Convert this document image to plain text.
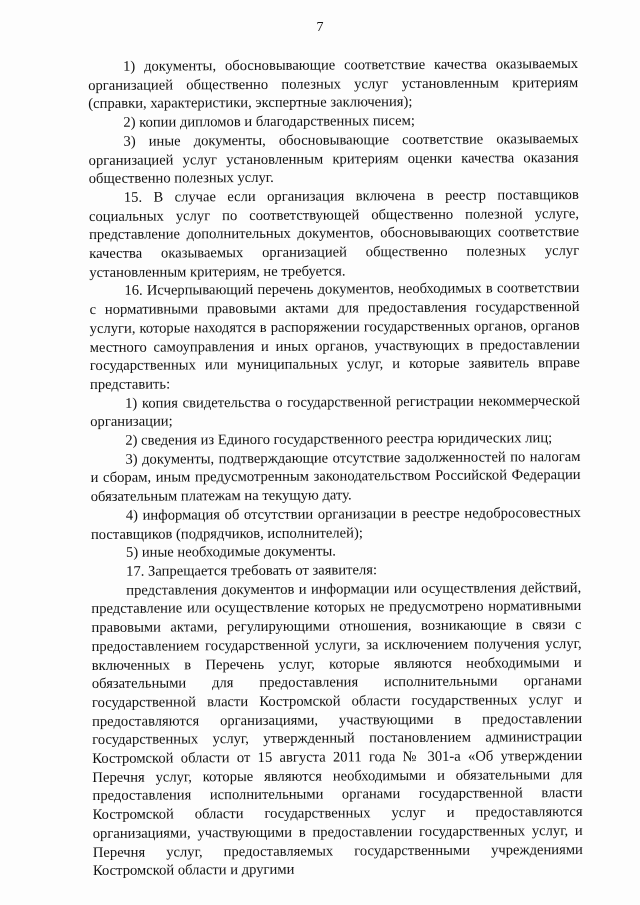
7

1) документы, обосновывающие соответствие качества оказываемых организацией общественно полезных услуг установленным критериям (справки, характеристики, экспертные заключения);

2) копии дипломов и благодарственных писем;

3) иные документы, обосновывающие соответствие оказываемых организацией услуг установленным критериям оценки качества оказания общественно полезных услуг.

15. В случае если организация включена в реестр поставщиков социальных услуг по соответствующей общественно полезной услуге, представление дополнительных документов, обосновывающих соответствие качества оказываемых организацией общественно полезных услуг установленным критериям, не требуется.

16. Исчерпывающий перечень документов, необходимых в соответствии с нормативными правовыми актами для предоставления государственной услуги, которые находятся в распоряжении государственных органов, органов местного самоуправления и иных органов, участвующих в предоставлении государственных или муниципальных услуг, и которые заявитель вправе представить:

1) копия свидетельства о государственной регистрации некоммерческой организации;

2) сведения из Единого государственного реестра юридических лиц;

3) документы, подтверждающие отсутствие задолженностей по налогам и сборам, иным предусмотренным законодательством Российской Федерации обязательным платежам на текущую дату.

4) информация об отсутствии организации в реестре недобросовестных поставщиков (подрядчиков, исполнителей);

5) иные необходимые документы.

17. Запрещается требовать от заявителя:

представления документов и информации или осуществления действий, представление или осуществление которых не предусмотрено нормативными правовыми актами, регулирующими отношения, возникающие в связи с предоставлением государственной услуги, за исключением получения услуг, включенных в Перечень услуг, которые являются необходимыми и обязательными для предоставления исполнительными органами государственной власти Костромской области государственных услуг и предоставляются организациями, участвующими в предоставлении государственных услуг, утвержденный постановлением администрации Костромской области от 15 августа 2011 года № 301-а «Об утверждении Перечня услуг, которые являются необходимыми и обязательными для предоставления исполнительными органами государственной власти Костромской области государственных услуг и предоставляются организациями, участвующими в предоставлении государственных услуг, и Перечня услуг, предоставляемых государственными учреждениями Костромской области и другими
